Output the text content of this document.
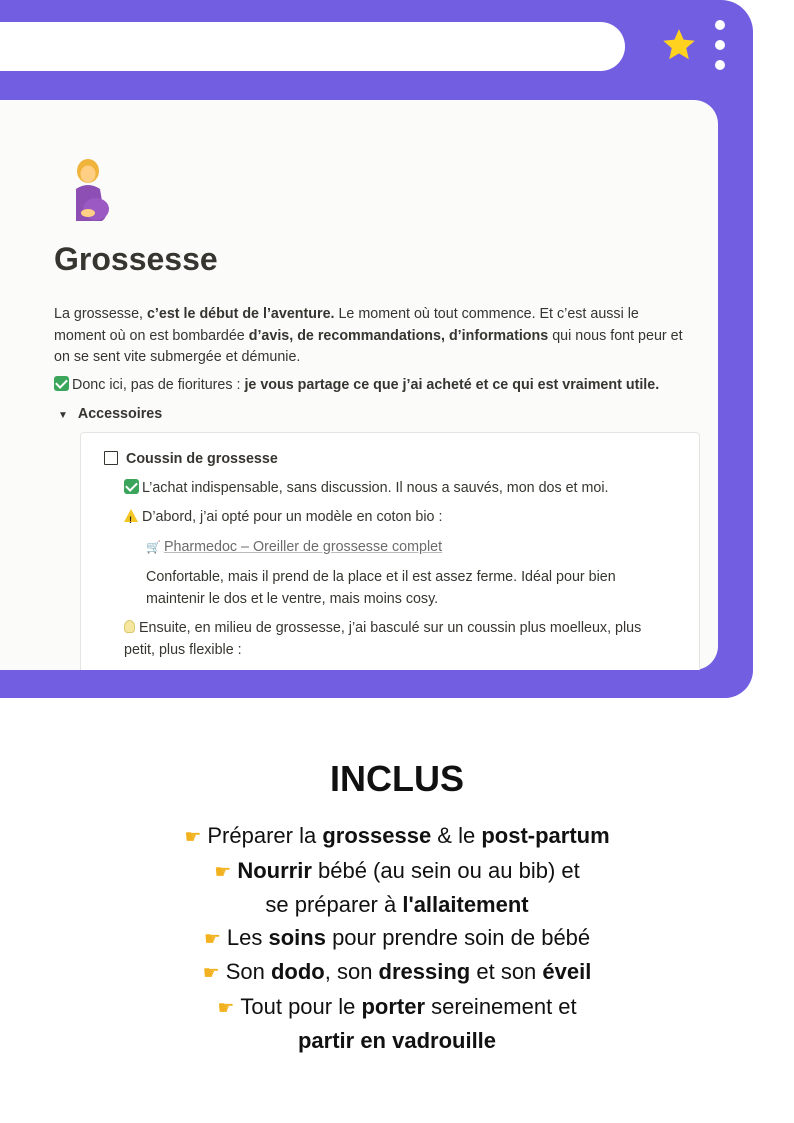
Grossesse
La grossesse, c’est le début de l’aventure. Le moment où tout commence. Et c’est aussi le moment où on est bombardée d’avis, de recommandations, d’informations qui nous font peur et on se sent vite submergée et démunie.
Donc ici, pas de fioritures : je vous partage ce que j’ai acheté et ce qui est vraiment utile.
▼ Accessoires
Coussin de grossesse
L’achat indispensable, sans discussion. Il nous a sauvés, mon dos et moi.
!D’abord, j’ai opté pour un modèle en coton bio :
🛒 Pharmedoc – Oreiller de grossesse complet
Confortable, mais il prend de la place et il est assez ferme. Idéal pour bien maintenir le dos et le ventre, mais moins cosy.
Ensuite, en milieu de grossesse, j’ai basculé sur un coussin plus moelleux, plus petit, plus flexible :
INCLUS
☛ Préparer la grossesse & le post-partum
☛ Nourrir bébé (au sein ou au bib) et
se préparer à l'allaitement
☛ Les soins pour prendre soin de bébé
☛ Son dodo, son dressing et son éveil
☛ Tout pour le porter sereinement et
partir en vadrouille
